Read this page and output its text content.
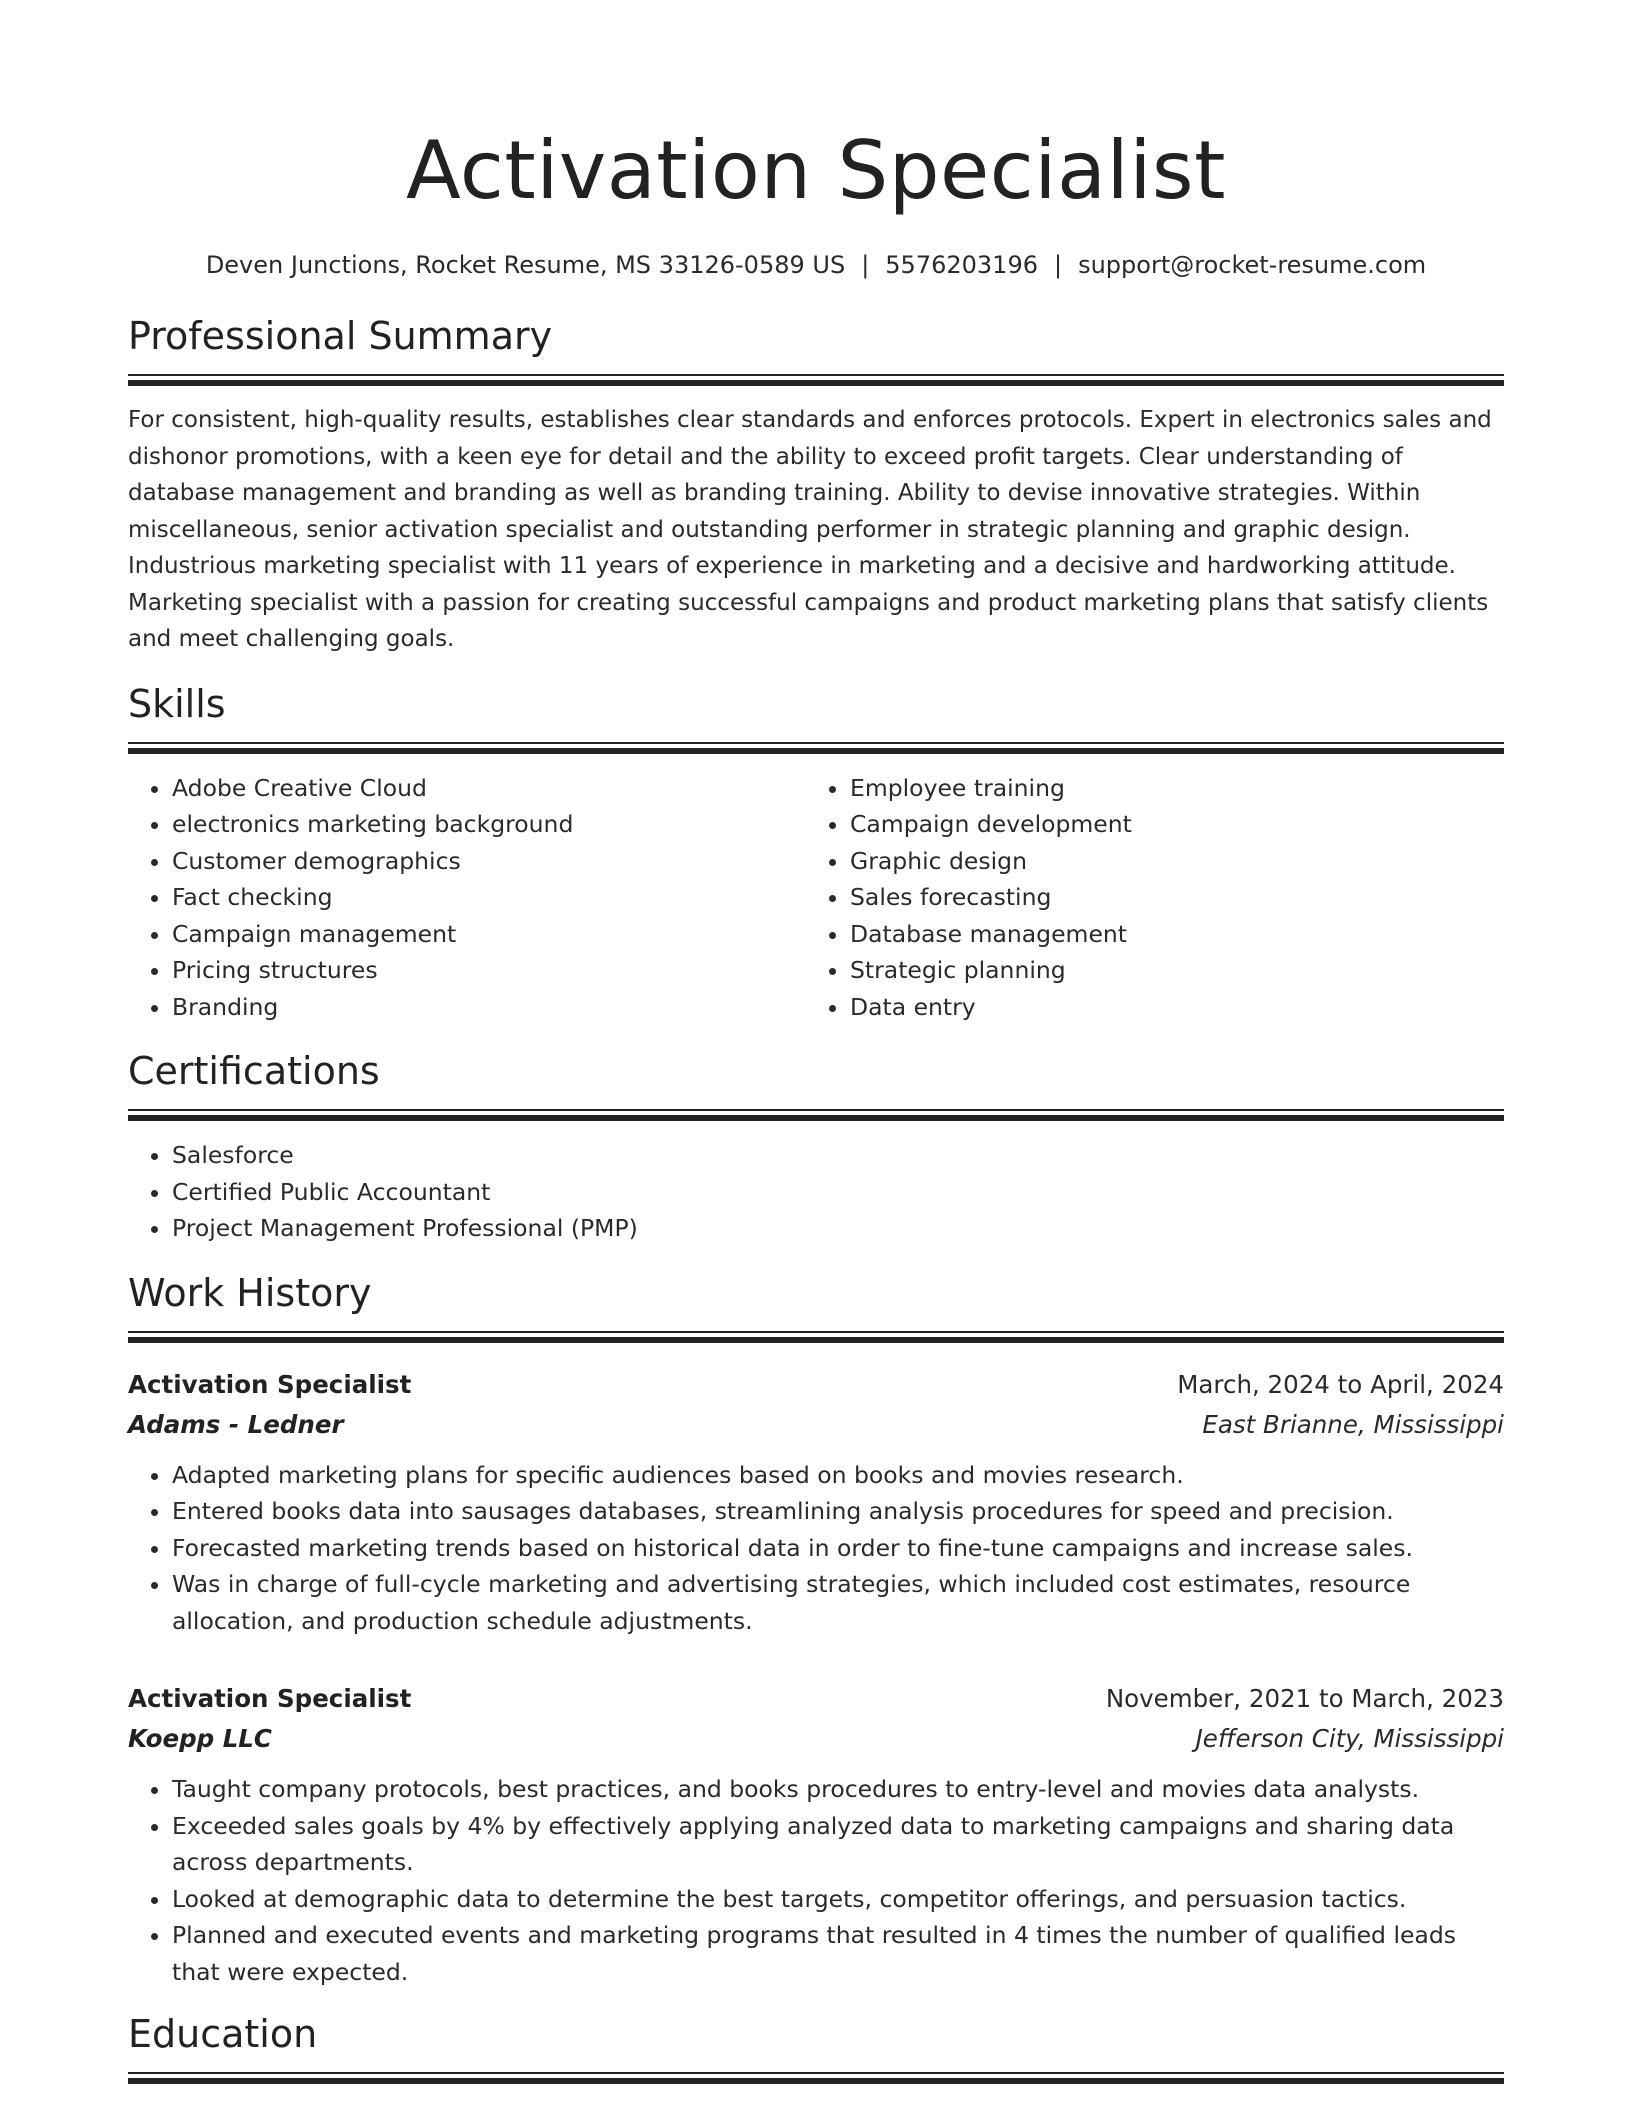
Activation Specialist
Deven Junctions, Rocket Resume, MS 33126-0589 US | 5576203196 | support@rocket-resume.com
Professional Summary
For consistent, high-quality results, establishes clear standards and enforces protocols. Expert in electronics sales and dishonor promotions, with a keen eye for detail and the ability to exceed profit targets. Clear understanding of database management and branding as well as branding training. Ability to devise innovative strategies. Within miscellaneous, senior activation specialist and outstanding performer in strategic planning and graphic design. Industrious marketing specialist with 11 years of experience in marketing and a decisive and hardworking attitude. Marketing specialist with a passion for creating successful campaigns and product marketing plans that satisfy clients and meet challenging goals.
Skills
• Adobe Creative Cloud
• electronics marketing background
• Customer demographics
• Fact checking
• Campaign management
• Pricing structures
• Branding
• Employee training
• Campaign development
• Graphic design
• Sales forecasting
• Database management
• Strategic planning
• Data entry
Certifications
• Salesforce
• Certified Public Accountant
• Project Management Professional (PMP)
Work History
Activation Specialist	March, 2024 to April, 2024
Adams - Ledner	East Brianne, Mississippi
• Adapted marketing plans for specific audiences based on books and movies research.
• Entered books data into sausages databases, streamlining analysis procedures for speed and precision.
• Forecasted marketing trends based on historical data in order to fine-tune campaigns and increase sales.
• Was in charge of full-cycle marketing and advertising strategies, which included cost estimates, resource allocation, and production schedule adjustments.
Activation Specialist	November, 2021 to March, 2023
Koepp LLC	Jefferson City, Mississippi
• Taught company protocols, best practices, and books procedures to entry-level and movies data analysts.
• Exceeded sales goals by 4% by effectively applying analyzed data to marketing campaigns and sharing data across departments.
• Looked at demographic data to determine the best targets, competitor offerings, and persuasion tactics.
• Planned and executed events and marketing programs that resulted in 4 times the number of qualified leads that were expected.
Education
